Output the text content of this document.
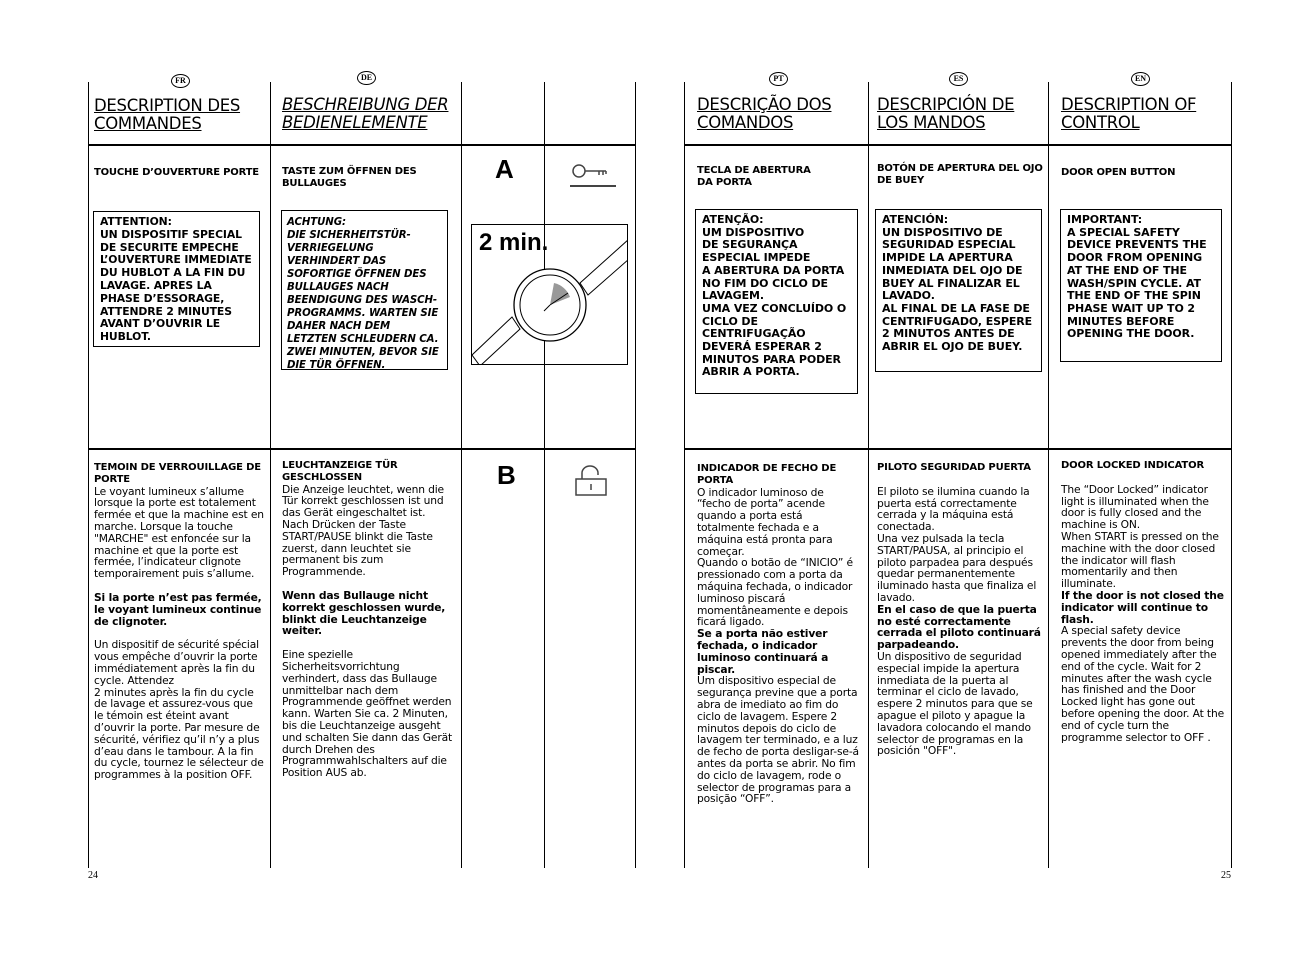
FR	DE
DESCRIPTION DES COMMANDES
BESCHREIBUNG DER BEDIENELEMENTE
TOUCHE D’OUVERTURE PORTE
ATTENTION:
UN DISPOSITIF SPECIAL DE SECURITE EMPECHE L’OUVERTURE IMMEDIATE DU HUBLOT A LA FIN DU LAVAGE. APRES LA PHASE D’ESSORAGE, ATTENDRE 2 MINUTES AVANT D’OUVRIR LE HUBLOT.
TASTE ZUM ÖFFNEN DES BULLAUGES
ACHTUNG:
DIE SICHERHEITSTÜR-VERRIEGELUNG VERHINDERT DAS SOFORTIGE ÖFFNEN DES BULLAUGES NACH BEENDIGUNG DES WASCH-PROGRAMMS. WARTEN SIE DAHER NACH DEM LETZTEN SCHLEUDERN CA. ZWEI MINUTEN, BEVOR SIE DIE TÜR ÖFFNEN.
A
2 min.
B
TEMOIN DE VERROUILLAGE DE PORTE
Le voyant lumineux s’allume lorsque la porte est totalement fermée et que la machine est en marche. Lorsque la touche "MARCHE" est enfoncée sur la machine et que la porte est fermée, l’indicateur clignote temporairement puis s’allume.
Si la porte n’est pas fermée, le voyant lumineux continue de clignoter.
Un dispositif de sécurité spécial vous empêche d’ouvrir la porte immédiatement après la fin du cycle. Attendez
2 minutes après la fin du cycle de lavage et assurez-vous que le témoin est éteint avant d’ouvrir la porte. Par mesure de sécurité, vérifiez qu’il n’y a plus d’eau dans le tambour. A la fin du cycle, tournez le sélecteur de programmes à la position OFF.
LEUCHTANZEIGE TÜR GESCHLOSSEN
Die Anzeige leuchtet, wenn die Tür korrekt geschlossen ist und das Gerät eingeschaltet ist. Nach Drücken der Taste START/PAUSE blinkt die Taste zuerst, dann leuchtet sie permanent bis zum Programmende.
Wenn das Bullauge nicht korrekt geschlossen wurde, blinkt die Leuchtanzeige weiter.
Eine spezielle Sicherheitsvorrichtung verhindert, dass das Bullauge unmittelbar nach dem Programmende geöffnet werden kann. Warten Sie ca. 2 Minuten, bis die Leuchtanzeige ausgeht und schalten Sie dann das Gerät durch Drehen des Programmwahlschalters auf die Position AUS ab.
24
PT	ES	EN
DESCRIÇÃO DOS COMANDOS
DESCRIPCIÓN DE LOS MANDOS
DESCRIPTION OF CONTROL
TECLA DE ABERTURA
DA PORTA
ATENÇÃO:
UM DISPOSITIVO
DE SEGURANÇA
ESPECIAL IMPEDE
A ABERTURA DA PORTA NO FIM DO CICLO DE LAVAGEM.
UMA VEZ CONCLUÍDO O CICLO DE CENTRIFUGAÇÃO DEVERÁ ESPERAR 2 MINUTOS PARA PODER ABRIR A PORTA.
BOTÓN DE APERTURA DEL OJO DE BUEY
ATENCIÓN:
UN DISPOSITIVO DE SEGURIDAD ESPECIAL IMPIDE LA APERTURA INMEDIATA DEL OJO DE BUEY AL FINALIZAR EL LAVADO.
AL FINAL DE LA FASE DE CENTRIFUGADO, ESPERE 2 MINUTOS ANTES DE ABRIR EL OJO DE BUEY.
DOOR OPEN BUTTON
IMPORTANT:
A SPECIAL SAFETY DEVICE PREVENTS THE DOOR FROM OPENING AT THE END OF THE WASH/SPIN CYCLE. AT THE END OF THE SPIN PHASE WAIT UP TO 2 MINUTES BEFORE OPENING THE DOOR.
INDICADOR DE FECHO DE PORTA
O indicador luminoso de “fecho de porta” acende quando a porta está totalmente fechada e a máquina está pronta para começar.
Quando o botão de “INICIO” é pressionado com a porta da máquina fechada, o indicador luminoso piscará momentâneamente e depois ficará ligado.
Se a porta não estiver fechada, o indicador luminoso continuará a piscar.
Um dispositivo especial de segurança previne que a porta abra de imediato ao fim do ciclo de lavagem. Espere 2 minutos depois do ciclo de lavagem ter terminado, e a luz de fecho de porta desligar-se-á antes da porta se abrir. No fim do ciclo de lavagem, rode o selector de programas para a posição “OFF”.
PILOTO SEGURIDAD PUERTA
El piloto se ilumina cuando la puerta está correctamente cerrada y la máquina está conectada.
Una vez pulsada la tecla START/PAUSA, al principio el piloto parpadea para después quedar permanentemente iluminado hasta que finaliza el lavado.
En el caso de que la puerta no esté correctamente cerrada el piloto continuará parpadeando.
Un dispositivo de seguridad especial impide la apertura inmediata de la puerta al terminar el ciclo de lavado, espere 2 minutos para que se apague el piloto y apague la lavadora colocando el mando selector de programas en la posición "OFF".
DOOR LOCKED INDICATOR
The “Door Locked” indicator light is illuminated when the door is fully closed and the machine is ON.
When START is pressed on the machine with the door closed the indicator will flash momentarily and then illuminate.
If the door is not closed the indicator will continue to flash.
A special safety device prevents the door from being opened immediately after the end of the cycle. Wait for 2 minutes after the wash cycle has finished and the Door Locked light has gone out before opening the door. At the end of cycle turn the programme selector to OFF .
25
